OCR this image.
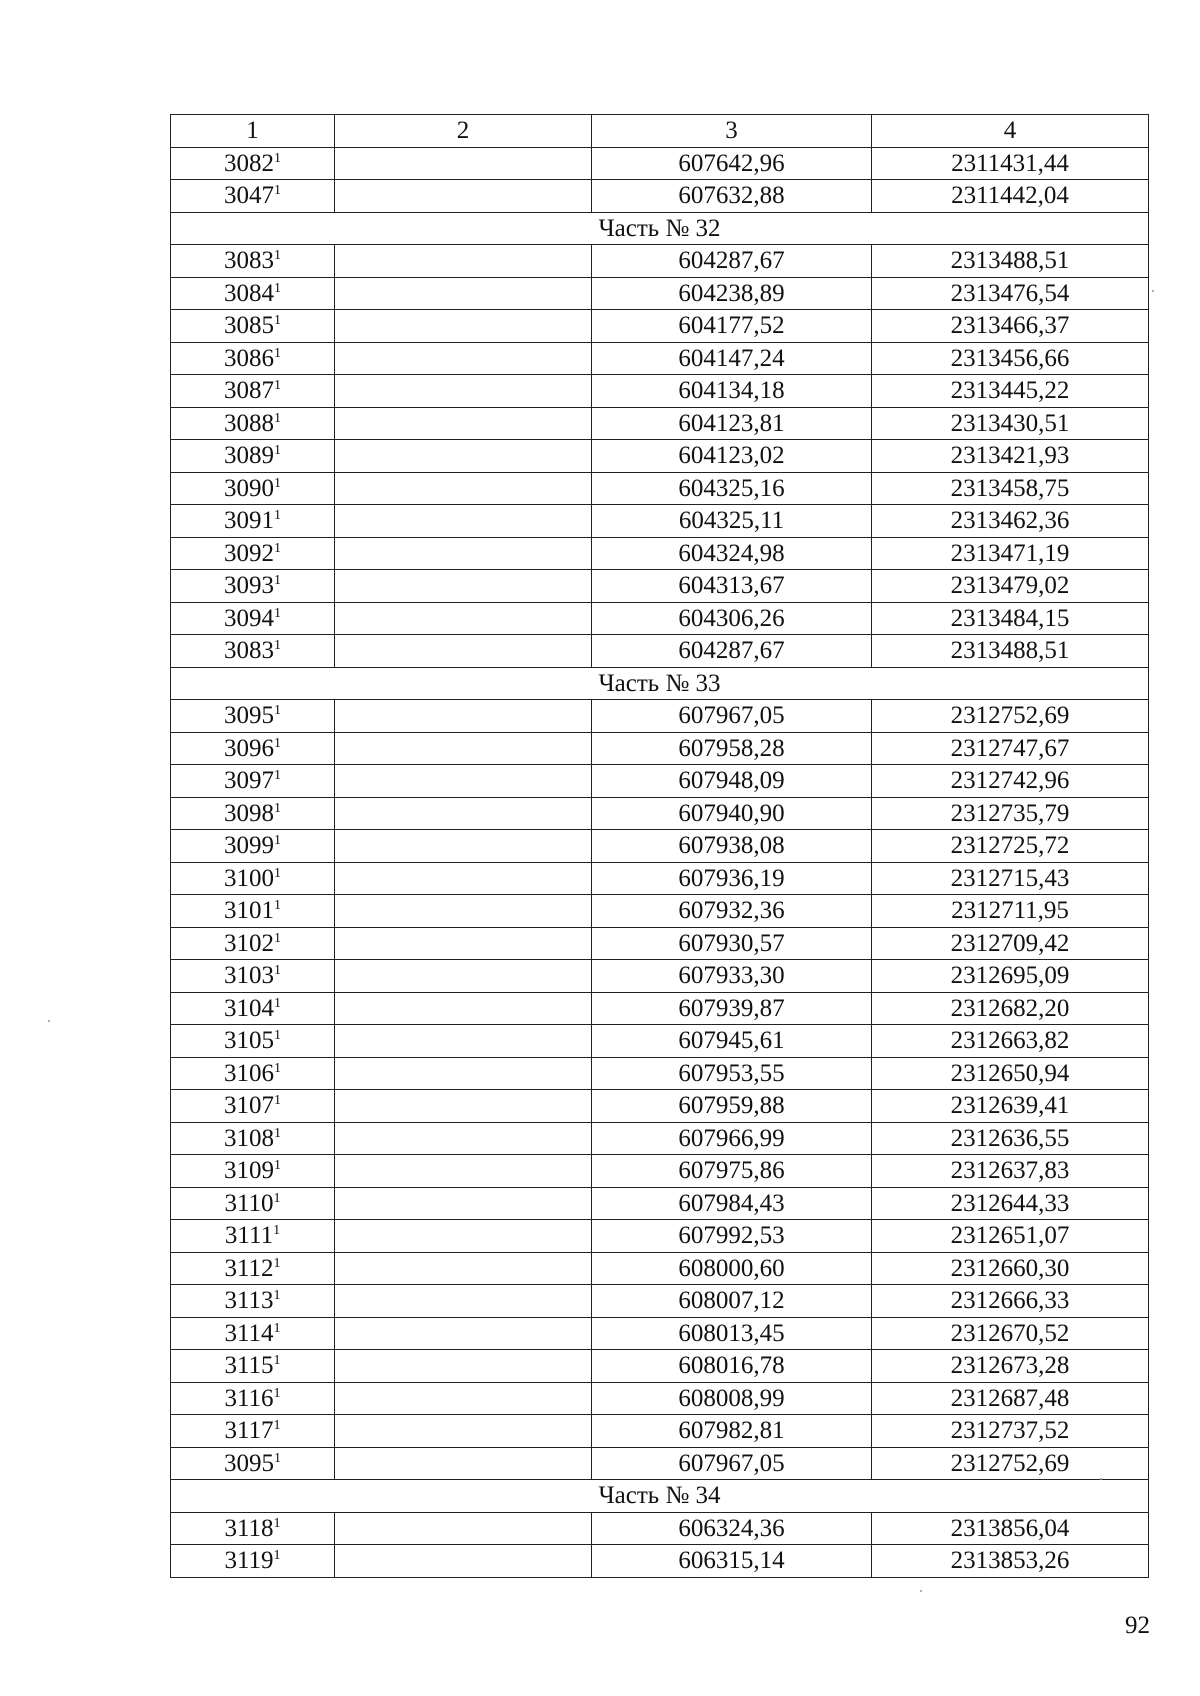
1	2	3	4
3082$^1$		607642,96	2311431,44
3047$^1$		607632,88	2311442,04
Часть № 32			
3083$^1$		604287,67	2313488,51
3084$^1$		604238,89	2313476,54
3085$^1$		604177,52	2313466,37
3086$^1$		604147,24	2313456,66
3087$^1$		604134,18	2313445,22
3088$^1$		604123,81	2313430,51
3089$^1$		604123,02	2313421,93
3090$^1$		604325,16	2313458,75
3091$^1$		604325,11	2313462,36
3092$^1$		604324,98	2313471,19
3093$^1$		604313,67	2313479,02
3094$^1$		604306,26	2313484,15
3083$^1$		604287,67	2313488,51
Часть № 33			
3095$^1$		607967,05	2312752,69
3096$^1$		607958,28	2312747,67
3097$^1$		607948,09	2312742,96
3098$^1$		607940,90	2312735,79
3099$^1$		607938,08	2312725,72
3100$^1$		607936,19	2312715,43
3101$^1$		607932,36	2312711,95
3102$^1$		607930,57	2312709,42
3103$^1$		607933,30	2312695,09
3104$^1$		607939,87	2312682,20
3105$^1$		607945,61	2312663,82
3106$^1$		607953,55	2312650,94
3107$^1$		607959,88	2312639,41
3108$^1$		607966,99	2312636,55
3109$^1$		607975,86	2312637,83
3110$^1$		607984,43	2312644,33
3111$^1$		607992,53	2312651,07
3112$^1$		608000,60	2312660,30
3113$^1$		608007,12	2312666,33
3114$^1$		608013,45	2312670,52
3115$^1$		608016,78	2312673,28
3116$^1$		608008,99	2312687,48
3117$^1$		607982,81	2312737,52
3095$^1$		607967,05	2312752,69
Часть № 34			
3118$^1$		606324,36	2313856,04
3119$^1$		606315,14	2313853,26
92
